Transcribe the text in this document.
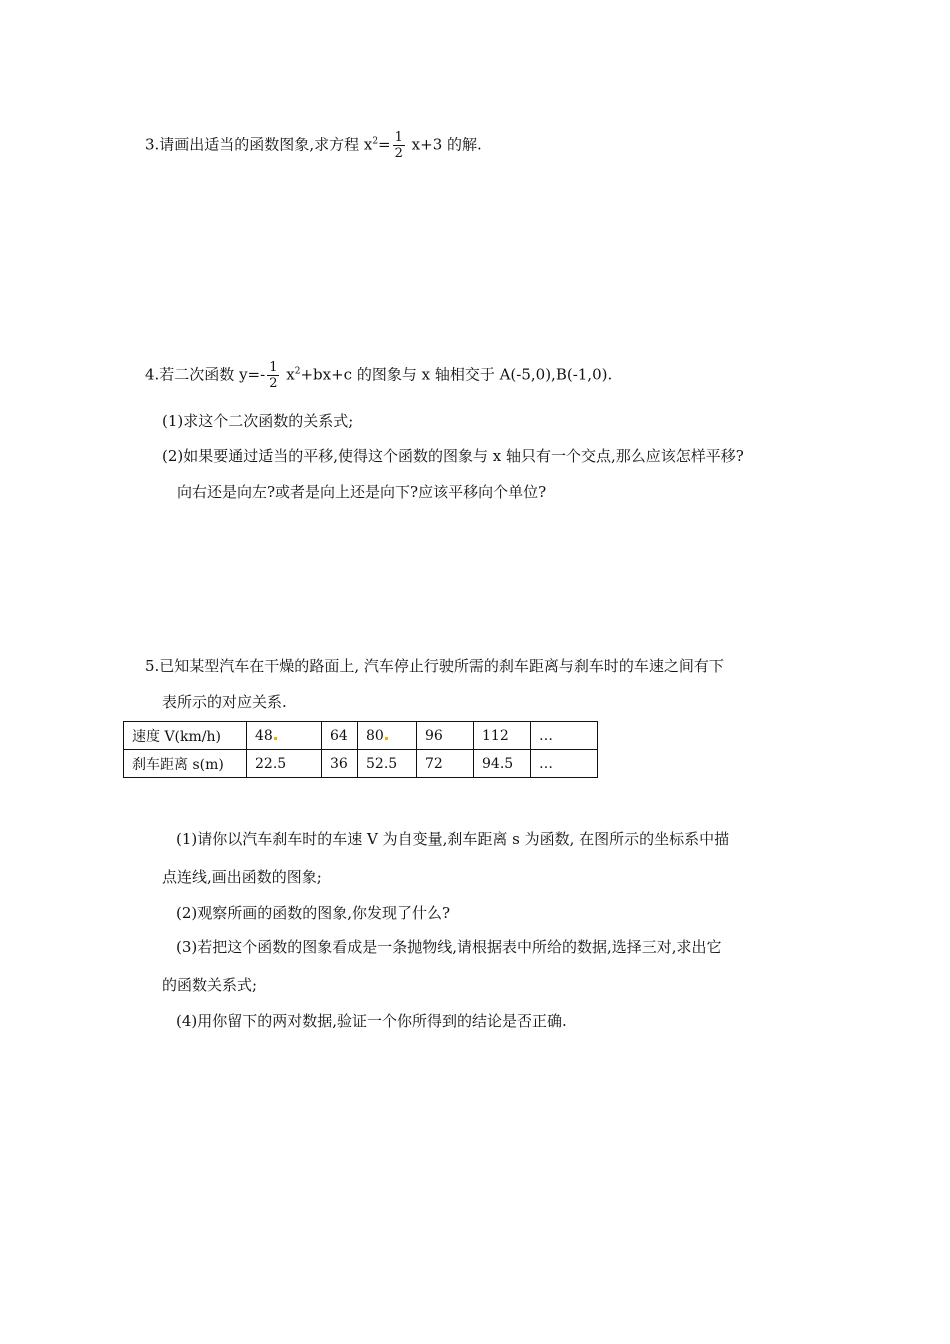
3.请画出适当的函数图象,求方程 $x^2= \frac{1}{2} x+3$ 的解.
4.若二次函数 $y=- \frac{1}{2} x^2+bx+c$ 的图象与 x 轴相交于 A(-5,0),B(-1,0).
(1)求这个二次函数的关系式;
(2)如果要通过适当的平移,使得这个函数的图象与 x 轴只有一个交点,那么应该怎样平移?
向右还是向左?或者是向上还是向下?应该平移向个单位?
5.已知某型汽车在干燥的路面上, 汽车停止行驶所需的刹车距离与刹车时的车速之间有下
表所示的对应关系.
速度 V(km/h)	48	64	80	96	112	…
刹车距离 s(m)	22.5	36	52.5	72	94.5	…
(1)请你以汽车刹车时的车速 V 为自变量,刹车距离 s 为函数, 在图所示的坐标系中描
点连线,画出函数的图象;
(2)观察所画的函数的图象,你发现了什么?
(3)若把这个函数的图象看成是一条抛物线,请根据表中所给的数据,选择三对,求出它
的函数关系式;
(4)用你留下的两对数据,验证一个你所得到的结论是否正确.
